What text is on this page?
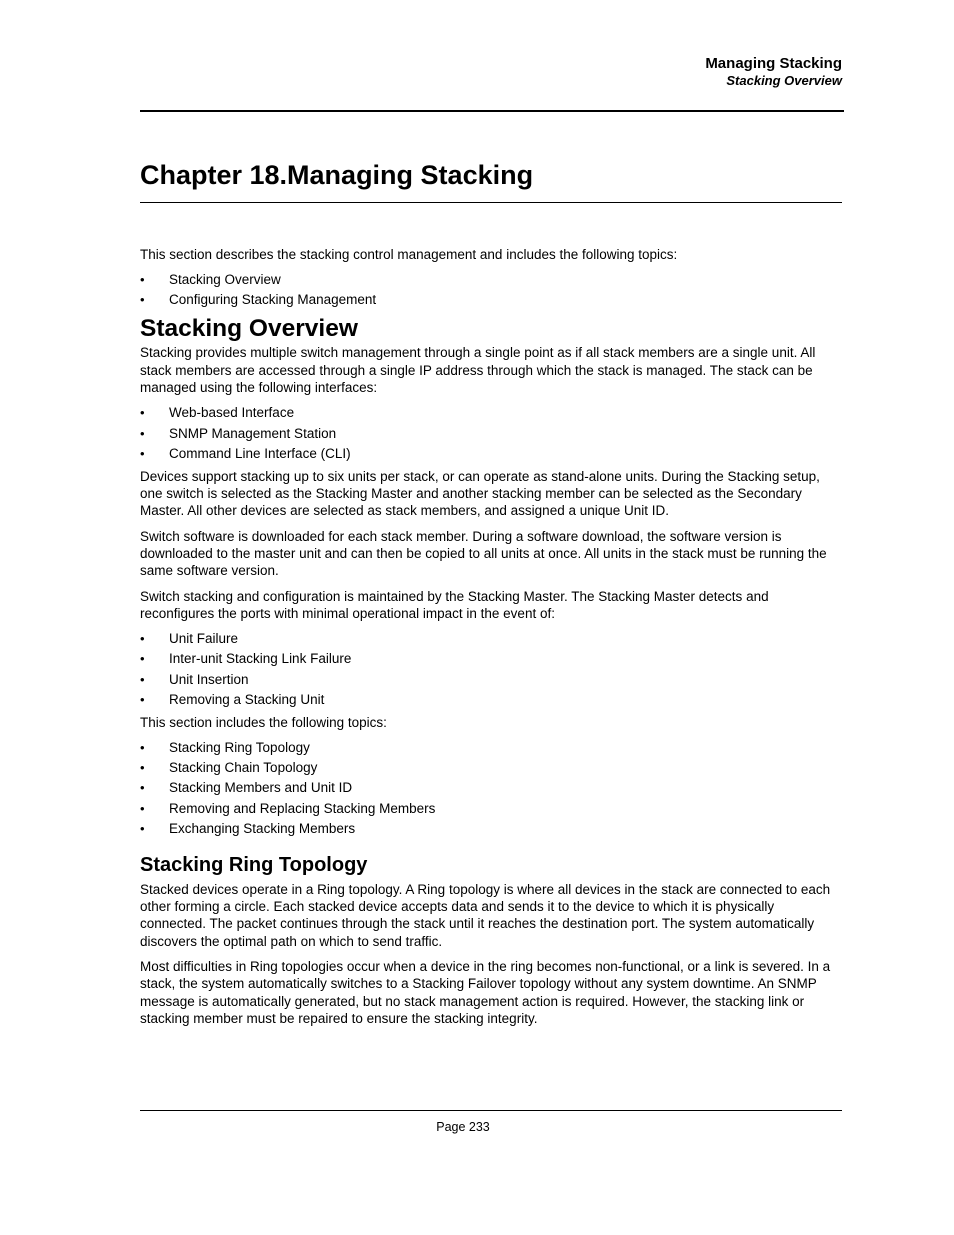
Managing Stacking
Stacking Overview
Chapter 18.Managing Stacking

This section describes the stacking control management and includes the following topics:

• Stacking Overview
• Configuring Stacking Management
Stacking Overview

Stacking provides multiple switch management through a single point as if all stack members are a single unit. All stack members are accessed through a single IP address through which the stack is managed. The stack can be managed using the following interfaces:

• Web-based Interface
• SNMP Management Station
• Command Line Interface (CLI)

Devices support stacking up to six units per stack, or can operate as stand-alone units. During the Stacking setup, one switch is selected as the Stacking Master and another stacking member can be selected as the Secondary Master. All other devices are selected as stack members, and assigned a unique Unit ID.

Switch software is downloaded for each stack member. During a software download, the software version is downloaded to the master unit and can then be copied to all units at once. All units in the stack must be running the same software version.

Switch stacking and configuration is maintained by the Stacking Master. The Stacking Master detects and reconfigures the ports with minimal operational impact in the event of:

• Unit Failure
• Inter-unit Stacking Link Failure
• Unit Insertion
• Removing a Stacking Unit

This section includes the following topics:

• Stacking Ring Topology
• Stacking Chain Topology
• Stacking Members and Unit ID
• Removing and Replacing Stacking Members
• Exchanging Stacking Members
Stacking Ring Topology

Stacked devices operate in a Ring topology. A Ring topology is where all devices in the stack are connected to each other forming a circle. Each stacked device accepts data and sends it to the device to which it is physically connected. The packet continues through the stack until it reaches the destination port. The system automatically discovers the optimal path on which to send traffic.

Most difficulties in Ring topologies occur when a device in the ring becomes non-functional, or a link is severed. In a stack, the system automatically switches to a Stacking Failover topology without any system downtime. An SNMP message is automatically generated, but no stack management action is required. However, the stacking link or stacking member must be repaired to ensure the stacking integrity.

Page 233
